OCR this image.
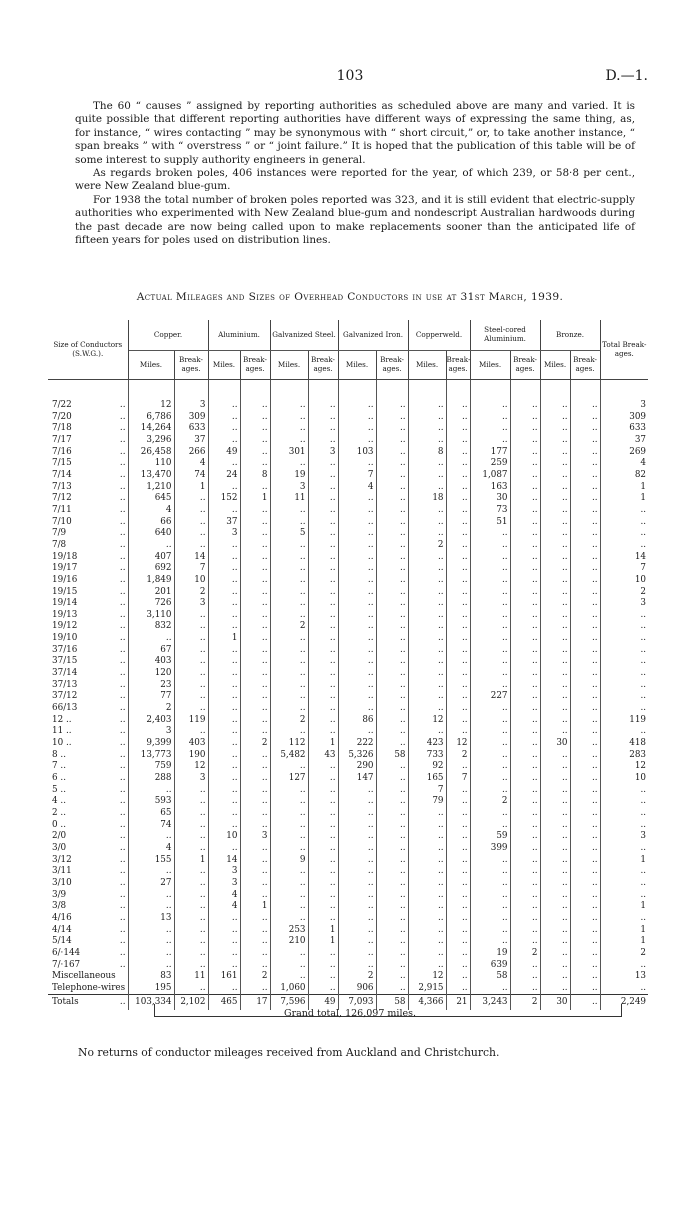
103	D.—1.

The 60 “ causes ” assigned by reporting authorities as scheduled above are many and varied. It is quite possible that different reporting authorities have different ways of expressing the same thing, as, for instance, “ wires contacting ” may be synonymous with “ short circuit,” or, to take another instance, “ span breaks ” with “ overstress ” or “ joint failure.” It is hoped that the publication of this table will be of some interest to supply authority engineers in general.

As regards broken poles, 406 instances were reported for the year, of which 239, or 58·8 per cent., were New Zealand blue-gum.

For 1938 the total number of broken poles reported was 323, and it is still evident that electric-supply authorities who experimented with New Zealand blue-gum and nondescript Australian hardwoods during the past decade are now being called upon to make replacements sooner than the anticipated life of fifteen years for poles used on distribution lines.

Actual Mileages and Sizes of Overhead Conductors in use at 31st March, 1939.
Size of Conductors (S.W.G.).		Copper.		Aluminium.		Galvanized Steel.		Galvanized Iron.		Copperweld.		Steel-cored Aluminium.		Bronze.		Total Break-ages.
		Miles.	Break-ages.	Miles.	Break-ages.	Miles.	Break-ages.	Miles.	Break-ages.	Miles.	Break-ages.	Miles.	Break-ages.	Miles.	Break-ages.	
7/22	..	12	3	..	..	..	..	..	..	..	..	..	..	..	..	3
7/20	..	6,786	309	..	..	..	..	..	..	..	..	..	..	..	..	309
7/18	..	14,264	633	..	..	..	..	..	..	..	..	..	..	..	..	633
7/17	..	3,296	37	..	..	..	..	..	..	..	..	..	..	..	..	37
7/16	..	26,458	266	49	..	301	3	103	..	8	..	177	..	..	..	269
7/15	..	110	4	..	..	..	..	..	..	..	..	259	..	..	..	4
7/14	..	13,470	74	24	8	19	..	7	..	..	..	1,087	..	..	..	82
7/13	..	1,210	1	..	..	3	..	4	..	..	..	163	..	..	..	1
7/12	..	645	..	152	1	11	..	..	..	18	..	30	..	..	..	1
7/11	..	4	..	..	..	..	..	..	..	..	..	73	..	..	..	..
7/10	..	66	..	37	..	..	..	..	..	..	..	51	..	..	..	..
7/9	..	640	..	3	..	5	..	..	..	..	..	..	..	..	..	..
7/8	..	..	..	..	..	..	..	..	..	2	..	..	..	..	..	..
19/18	..	407	14	..	..	..	..	..	..	..	..	..	..	..	..	14
19/17	..	692	7	..	..	..	..	..	..	..	..	..	..	..	..	7
19/16	..	1,849	10	..	..	..	..	..	..	..	..	..	..	..	..	10
19/15	..	201	2	..	..	..	..	..	..	..	..	..	..	..	..	2
19/14	..	726	3	..	..	..	..	..	..	..	..	..	..	..	..	3
19/13	..	3,110	..	..	..	..	..	..	..	..	..	..	..	..	..	..
19/12	..	832	..	..	..	2	..	..	..	..	..	..	..	..	..	..
19/10	..	..	..	1	..	..	..	..	..	..	..	..	..	..	..	..
37/16	..	67	..	..	..	..	..	..	..	..	..	..	..	..	..	..
37/15	..	403	..	..	..	..	..	..	..	..	..	..	..	..	..	..
37/14	..	120	..	..	..	..	..	..	..	..	..	..	..	..	..	..
37/13	..	23	..	..	..	..	..	..	..	..	..	..	..	..	..	..
37/12	..	77	..	..	..	..	..	..	..	..	..	227	..	..	..	..
66/13	..	2	..	..	..	..	..	..	..	..	..	..	..	..	..	..
12 ..	..	2,403	119	..	..	2	..	86	..	12	..	..	..	..	..	119
11 ..	..	3	..	..	..	..	..	..	..	..	..	..	..	..	..	..
10 ..	..	9,399	403	..	2	112	1	222	..	423	12	..	..	30	..	418
8 ..	..	13,773	190	..	..	5,482	43	5,326	58	733	2	..	..	..	..	283
7 ..	..	759	12	..	..	..	..	290	..	92	..	..	..	..	..	12
6 ..	..	288	3	..	..	127	..	147	..	165	7	..	..	..	..	10
5 ..	..	..	..	..	..	..	..	..	..	7	..	..	..	..	..	..
4 ..	..	593	..	..	..	..	..	..	..	79	..	2	..	..	..	..
2 ..	..	65	..	..	..	..	..	..	..	..	..	..	..	..	..	..
0 ..	..	74	..	..	..	..	..	..	..	..	..	..	..	..	..	..
2/0	..	..	..	10	3	..	..	..	..	..	..	59	..	..	..	3
3/0	..	4	..	..	..	..	..	..	..	..	..	399	..	..	..	..
3/12	..	155	1	14	..	9	..	..	..	..	..	..	..	..	..	1
3/11	..	..	..	3	..	..	..	..	..	..	..	..	..	..	..	..
3/10	..	27	..	3	..	..	..	..	..	..	..	..	..	..	..	..
3/9	..	..	..	4	..	..	..	..	..	..	..	..	..	..	..	..
3/8	..	..	..	4	1	..	..	..	..	..	..	..	..	..	..	1
4/16	..	13	..	..	..	..	..	..	..	..	..	..	..	..	..	..
4/14	..	..	..	..	..	253	1	..	..	..	..	..	..	..	..	1
5/14	..	..	..	..	..	210	1	..	..	..	..	..	..	..	..	1
6/·144	..	..	..	..	..	..	..	..	..	..	..	19	2	..	..	2
7/·167	..	..	..	..	..	..	..	..	..	..	..	639	..	..	..	..
Miscellaneous		83	11	161	2	..	..	2	..	12	..	58	..	..	..	13
Telephone-wires		195	..	..	..	1,060	..	906	..	2,915	..	..	..	..	..	..
Totals	..	103,334	2,102	465	17	7,596	49	7,093	58	4,366	21	3,243	2	30	..	2,249
Grand total, 126,097 miles.
No returns of conductor mileages received from Auckland and Christchurch.
